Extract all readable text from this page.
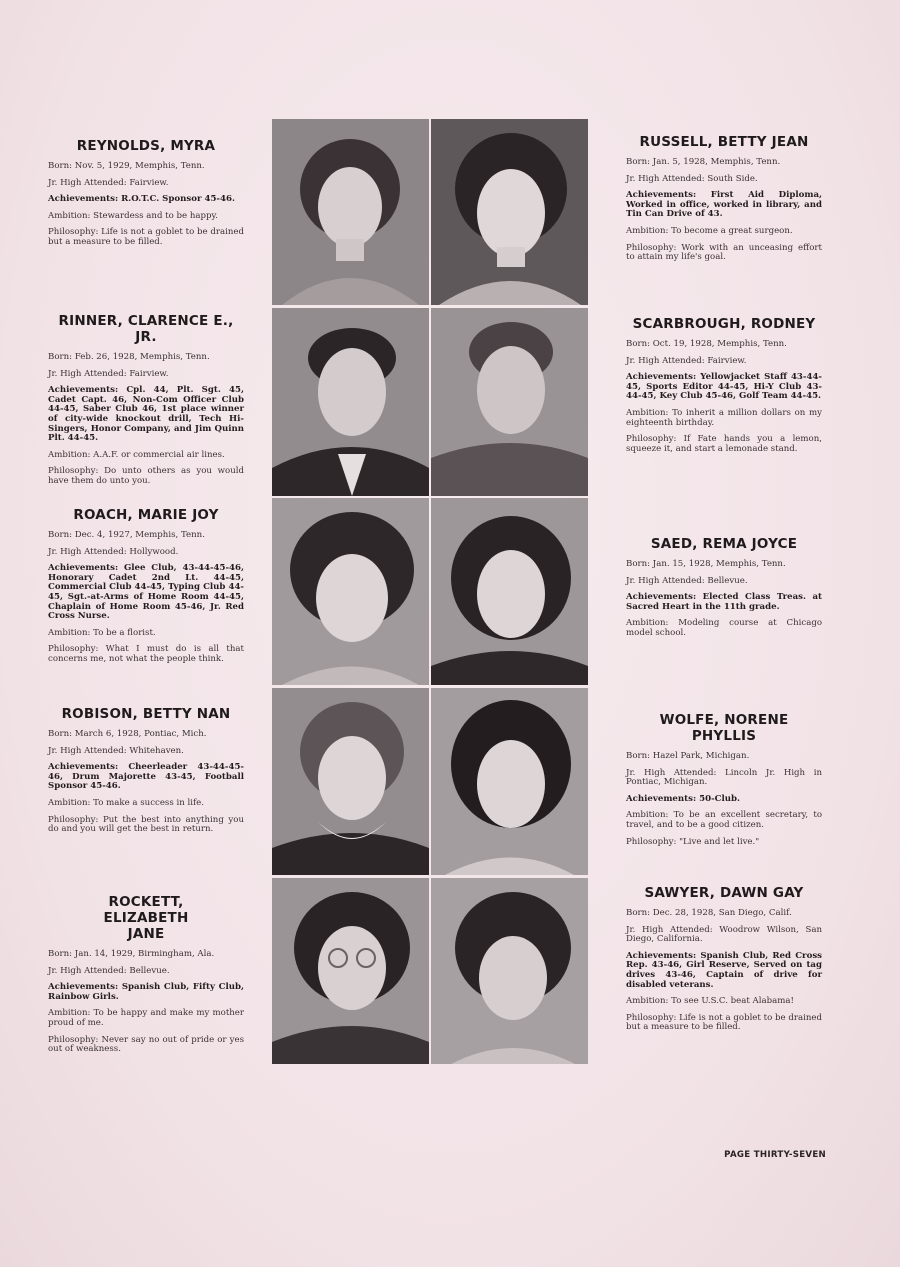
REYNOLDS, MYRA

Born: Nov. 5, 1929, Memphis, Tenn.

Jr. High Attended: Fairview.

Achievements: R.O.T.C. Sponsor 45-46.

Ambition: Stewardess and to be happy.

Philosophy: Life is not a goblet to be drained but a measure to be filled.

RINNER, CLARENCE E., JR.

Born: Feb. 26, 1928, Memphis, Tenn.

Jr. High Attended: Fairview.

Achievements: Cpl. 44, Plt. Sgt. 45, Cadet Capt. 46, Non-Com Officer Club 44-45, Saber Club 46, 1st place winner of city-wide knockout drill, Tech Hi-Singers, Honor Company, and Jim Quinn Plt. 44-45.

Ambition: A.A.F. or commercial air lines.

Philosophy: Do unto others as you would have them do unto you.

ROACH, MARIE JOY

Born: Dec. 4, 1927, Memphis, Tenn.

Jr. High Attended: Hollywood.

Achievements: Glee Club, 43-44-45-46, Honorary Cadet 2nd Lt. 44-45, Commercial Club 44-45, Typing Club 44-45, Sgt.-at-Arms of Home Room 44-45, Chaplain of Home Room 45-46, Jr. Red Cross Nurse.

Ambition: To be a florist.

Philosophy: What I must do is all that concerns me, not what the people think.

ROBISON, BETTY NAN

Born: March 6, 1928, Pontiac, Mich.

Jr. High Attended: Whitehaven.

Achievements: Cheerleader 43-44-45-46, Drum Majorette 43-45, Football Sponsor 45-46.

Ambition: To make a success in life.

Philosophy: Put the best into anything you do and you will get the best in return.

ROCKETT, ELIZABETH JANE

Born: Jan. 14, 1929, Birmingham, Ala.

Jr. High Attended: Bellevue.

Achievements: Spanish Club, Fifty Club, Rainbow Girls.

Ambition: To be happy and make my mother proud of me.

Philosophy: Never say no out of pride or yes out of weakness.

RUSSELL, BETTY JEAN

Born: Jan. 5, 1928, Memphis, Tenn.

Jr. High Attended: South Side.

Achievements: First Aid Diploma, Worked in office, worked in library, and Tin Can Drive of 43.

Ambition: To become a great surgeon.

Philosophy: Work with an unceasing effort to attain my life's goal.

SCARBROUGH, RODNEY

Born: Oct. 19, 1928, Memphis, Tenn.

Jr. High Attended: Fairview.

Achievements: Yellowjacket Staff 43-44-45, Sports Editor 44-45, Hi-Y Club 43-44-45, Key Club 45-46, Golf Team 44-45.

Ambition: To inherit a million dollars on my eighteenth birthday.

Philosophy: If Fate hands you a lemon, squeeze it, and start a lemonade stand.

SAED, REMA JOYCE

Born: Jan. 15, 1928, Memphis, Tenn.

Jr. High Attended: Bellevue.

Achievements: Elected Class Treas. at Sacred Heart in the 11th grade.

Ambition: Modeling course at Chicago model school.

WOLFE, NORENE PHYLLIS

Born: Hazel Park, Michigan.

Jr. High Attended: Lincoln Jr. High in Pontiac, Michigan.

Achievements: 50-Club.

Ambition: To be an excellent secretary, to travel, and to be a good citizen.

Philosophy: "Live and let live."

SAWYER, DAWN GAY

Born: Dec. 28, 1928, San Diego, Calif.

Jr. High Attended: Woodrow Wilson, San Diego, California.

Achievements: Spanish Club, Red Cross Rep. 43-46, Girl Reserve, Served on tag drives 43-46, Captain of drive for disabled veterans.

Ambition: To see U.S.C. beat Alabama!

Philosophy: Life is not a goblet to be drained but a measure to be filled.

PAGE THIRTY-SEVEN
